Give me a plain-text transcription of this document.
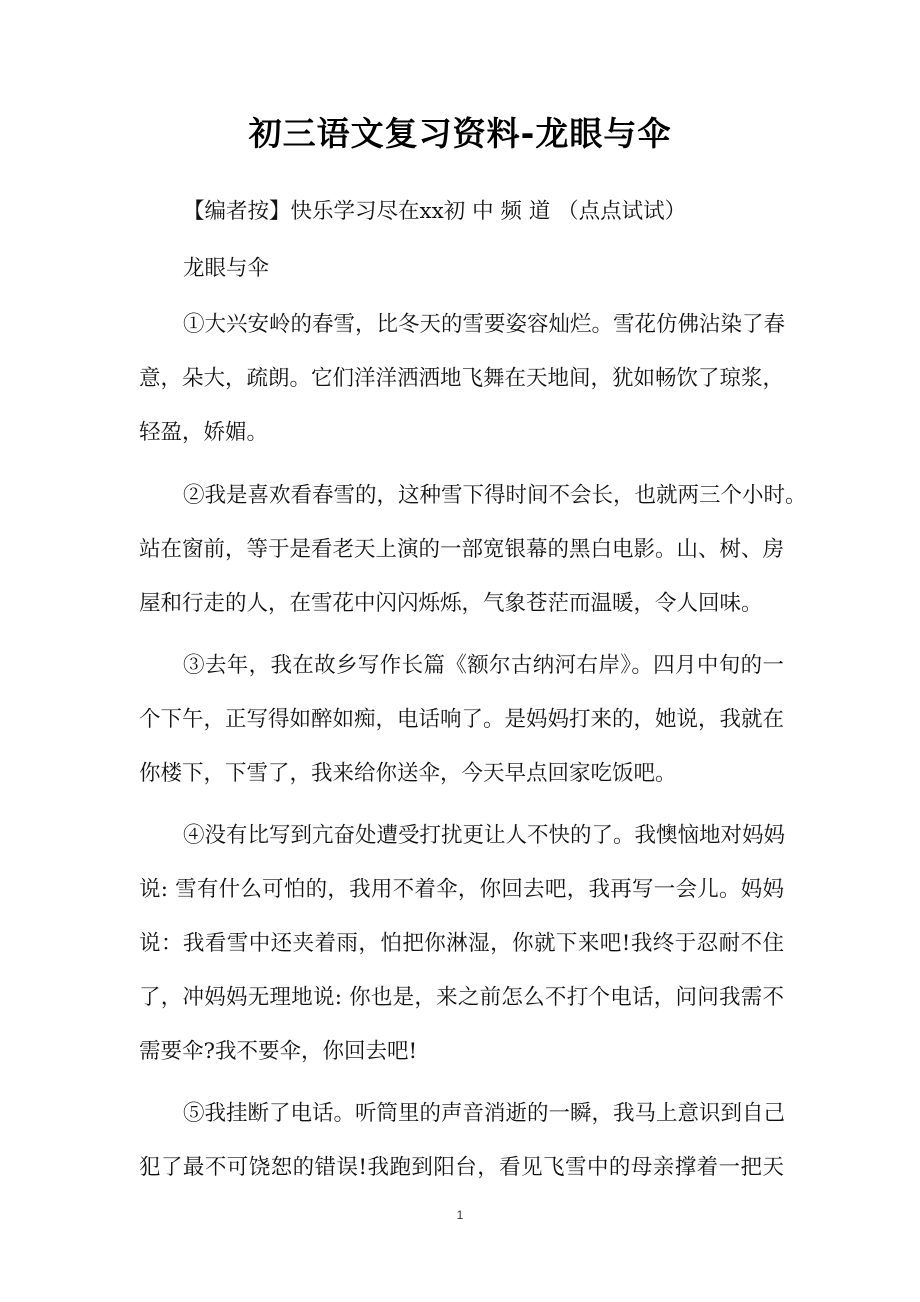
初三语文复习资料-龙眼与伞
【编者按】快乐学习尽在xx初 中 频 道 （点点试试）
龙眼与伞
①大兴安岭的春雪，比冬天的雪要姿容灿烂。雪花仿佛沾染了春
意，朵大，疏朗。它们洋洋洒洒地飞舞在天地间，犹如畅饮了琼浆，
轻盈，娇媚。
②我是喜欢看春雪的，这种雪下得时间不会长，也就两三个小时。
站在窗前，等于是看老天上演的一部宽银幕的黑白电影。山、树、房
屋和行走的人，在雪花中闪闪烁烁，气象苍茫而温暖，令人回味。
③去年，我在故乡写作长篇《额尔古纳河右岸》。四月中旬的一
个下午，正写得如醉如痴，电话响了。是妈妈打来的，她说，我就在
你楼下，下雪了，我来给你送伞，今天早点回家吃饭吧。
④没有比写到亢奋处遭受打扰更让人不快的了。我懊恼地对妈妈
说: 雪有什么可怕的，我用不着伞，你回去吧，我再写一会儿。妈妈
说：我看雪中还夹着雨，怕把你淋湿，你就下来吧!我终于忍耐不住
了，冲妈妈无理地说: 你也是，来之前怎么不打个电话，问问我需不
需要伞?我不要伞，你回去吧!
⑤我挂断了电话。听筒里的声音消逝的一瞬，我马上意识到自己
犯了最不可饶恕的错误!我跑到阳台，看见飞雪中的母亲撑着一把天
1
